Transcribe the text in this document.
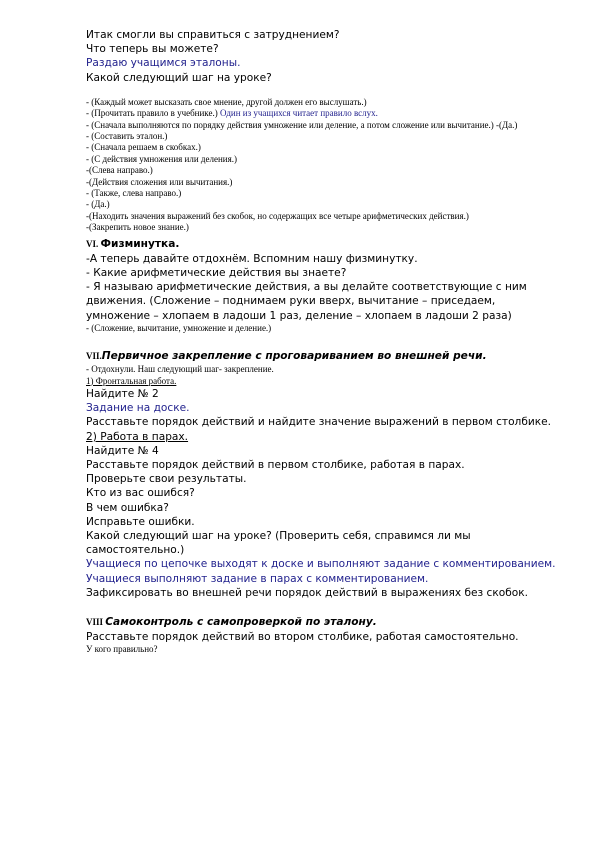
Итак смогли вы справиться с затруднением?

Что теперь вы можете?

Раздаю учащимся эталоны.

Какой следующий шаг на уроке?

- (Каждый может высказать свое мнение, другой должен его выслушать.)

- (Прочитать правило в учебнике.) Один из учащихся читает правило вслух.

- (Сначала выполняются по порядку действия умножение или деление, а потом сложение или вычитание.) -(Да.)

- (Составить эталон.)

- (Сначала решаем в скобках.)

- (С действия умножения или деления.)

-(Слева направо.)

-(Действия сложения или вычитания.)

- (Также, слева направо.)

- (Да.)

-(Находить значения выражений без скобок, но содержащих все четыре арифметических действия.)

-(Закрепить новое знание.)

VI. Физминутка.

-А теперь давайте отдохнём. Вспомним нашу физминутку.

- Какие арифметические действия вы знаете?

- Я называю арифметические действия, а вы делайте соответствующие с ним движения. (Сложение – поднимаем руки вверх, вычитание – приседаем, умножение – хлопаем в ладоши 1 раз, деление – хлопаем в ладоши 2 раза)

- (Сложение, вычитание, умножение и деление.)

VII.Первичное закрепление с проговариванием во внешней речи.

- Отдохнули. Наш следующий шаг- закрепление.

1) Фронтальная работа.

Найдите № 2

Задание на доске.

Расставьте порядок действий и найдите значение выражений в первом столбике.

2) Работа в парах.

Найдите № 4

Расставьте порядок действий в первом столбике, работая в парах.

Проверьте свои результаты.

Кто из вас ошибся?

В чем ошибка?

Исправьте ошибки.

Какой следующий шаг на уроке? (Проверить себя, справимся ли мы самостоятельно.)

Учащиеся по цепочке выходят к доске и выполняют задание с комментированием.

Учащиеся выполняют задание в парах с комментированием.

Зафиксировать во внешней речи порядок действий в выражениях без скобок.

VIII Самоконтроль с самопроверкой по эталону.

Расставьте порядок действий во втором столбике, работая самостоятельно.

У кого правильно?
